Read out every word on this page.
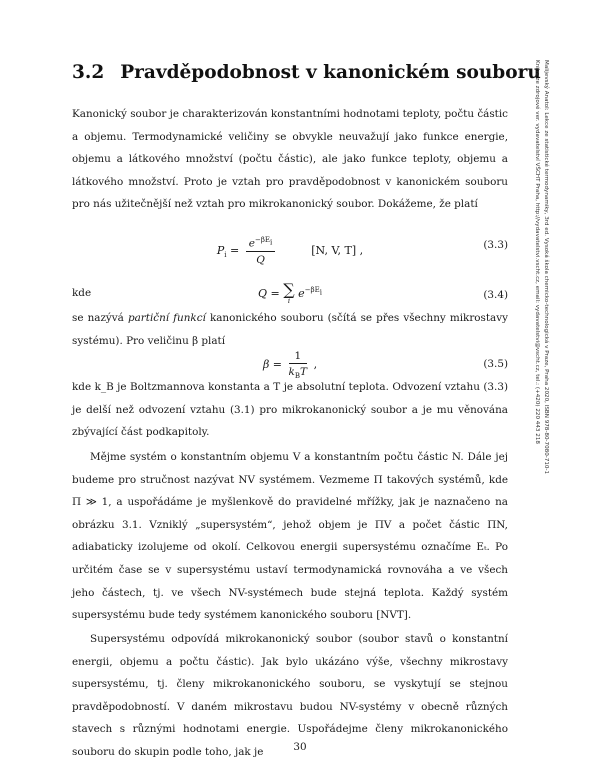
3.2 Pravděpodobnost v kanonickém souboru

Kanonický soubor je charakterizován konstantními hodnotami teploty, počtu částic a objemu. Termodynamické veličiny se obvykle neuvažují jako funkce energie, objemu a látkového množství (počtu částic), ale jako funkce teploty, objemu a látkového množství. Proto je vztah pro pravděpodobnost v kanonickém souboru pro nás užitečnější než vztah pro mikrokanonický soubor. Dokážeme, že platí

$P_i = \frac{e^{-\beta E_i}}{Q}$	[N, V, T] ,	(3.3)

kde	Q = ∑
i
$e^{-\beta E_i}$	(3.4)

se nazývá partiční funkcí kanonického souboru (sčítá se přes všechny mikrostavy systému). Pro veličinu β platí

$\beta = \frac{1}{k_BT}$ ,	(3.5)

kde k_B je Boltzmannova konstanta a T je absolutní teplota. Odvození vztahu (3.3) je delší než odvození vztahu (3.1) pro mikrokanonický soubor a je mu věnována zbývající část podkapitoly.

Mějme systém o konstantním objemu V a konstantním počtu částic N. Dále jej budeme pro stručnost nazývat NV systémem. Vezmeme Π takových systémů, kde Π ≫ 1, a uspořádáme je myšlenkově do pravidelné mřížky, jak je naznačeno na obrázku 3.1. Vzniklý „supersystém“, jehož objem je ΠV a počet částic ΠN, adiabaticky izolujeme od okolí. Celkovou energii supersystému označíme Eₜ. Po určitém čase se v supersystému ustaví termodynamická rovnováha a ve všech jeho částech, tj. ve všech NV-systémech bude stejná teplota. Každý systém supersystému bude tedy systémem kanonického souboru [NVT].

Supersystému odpovídá mikrokanonický soubor (soubor stavů o konstantní energii, objemu a počtu částic). Jak bylo ukázáno výše, všechny mikrostavy supersystému, tj. členy mikrokanonického souboru, se vyskytují se stejnou pravděpodobností. V daném mikrostavu budou NV-systémy v obecně různých stavech s různými hodnotami energie. Uspořádejme členy mikrokanonického souboru do skupin podle toho, jak je

Malijevský Anatol: Lekce ze statistické termodynamiky, 3rd ed. Vysoká škola chemicko-technologická v Praze, Praha 2020, ISBN 978-80-7080-710-1
Kniha ze zdrojové ver. vydavatelství VŠCHT Praha, http://vydavatelstvi.vscht.cz, email: vydavatelstvi@vscht.cz, tel.: (+420) 220 443 218
30
